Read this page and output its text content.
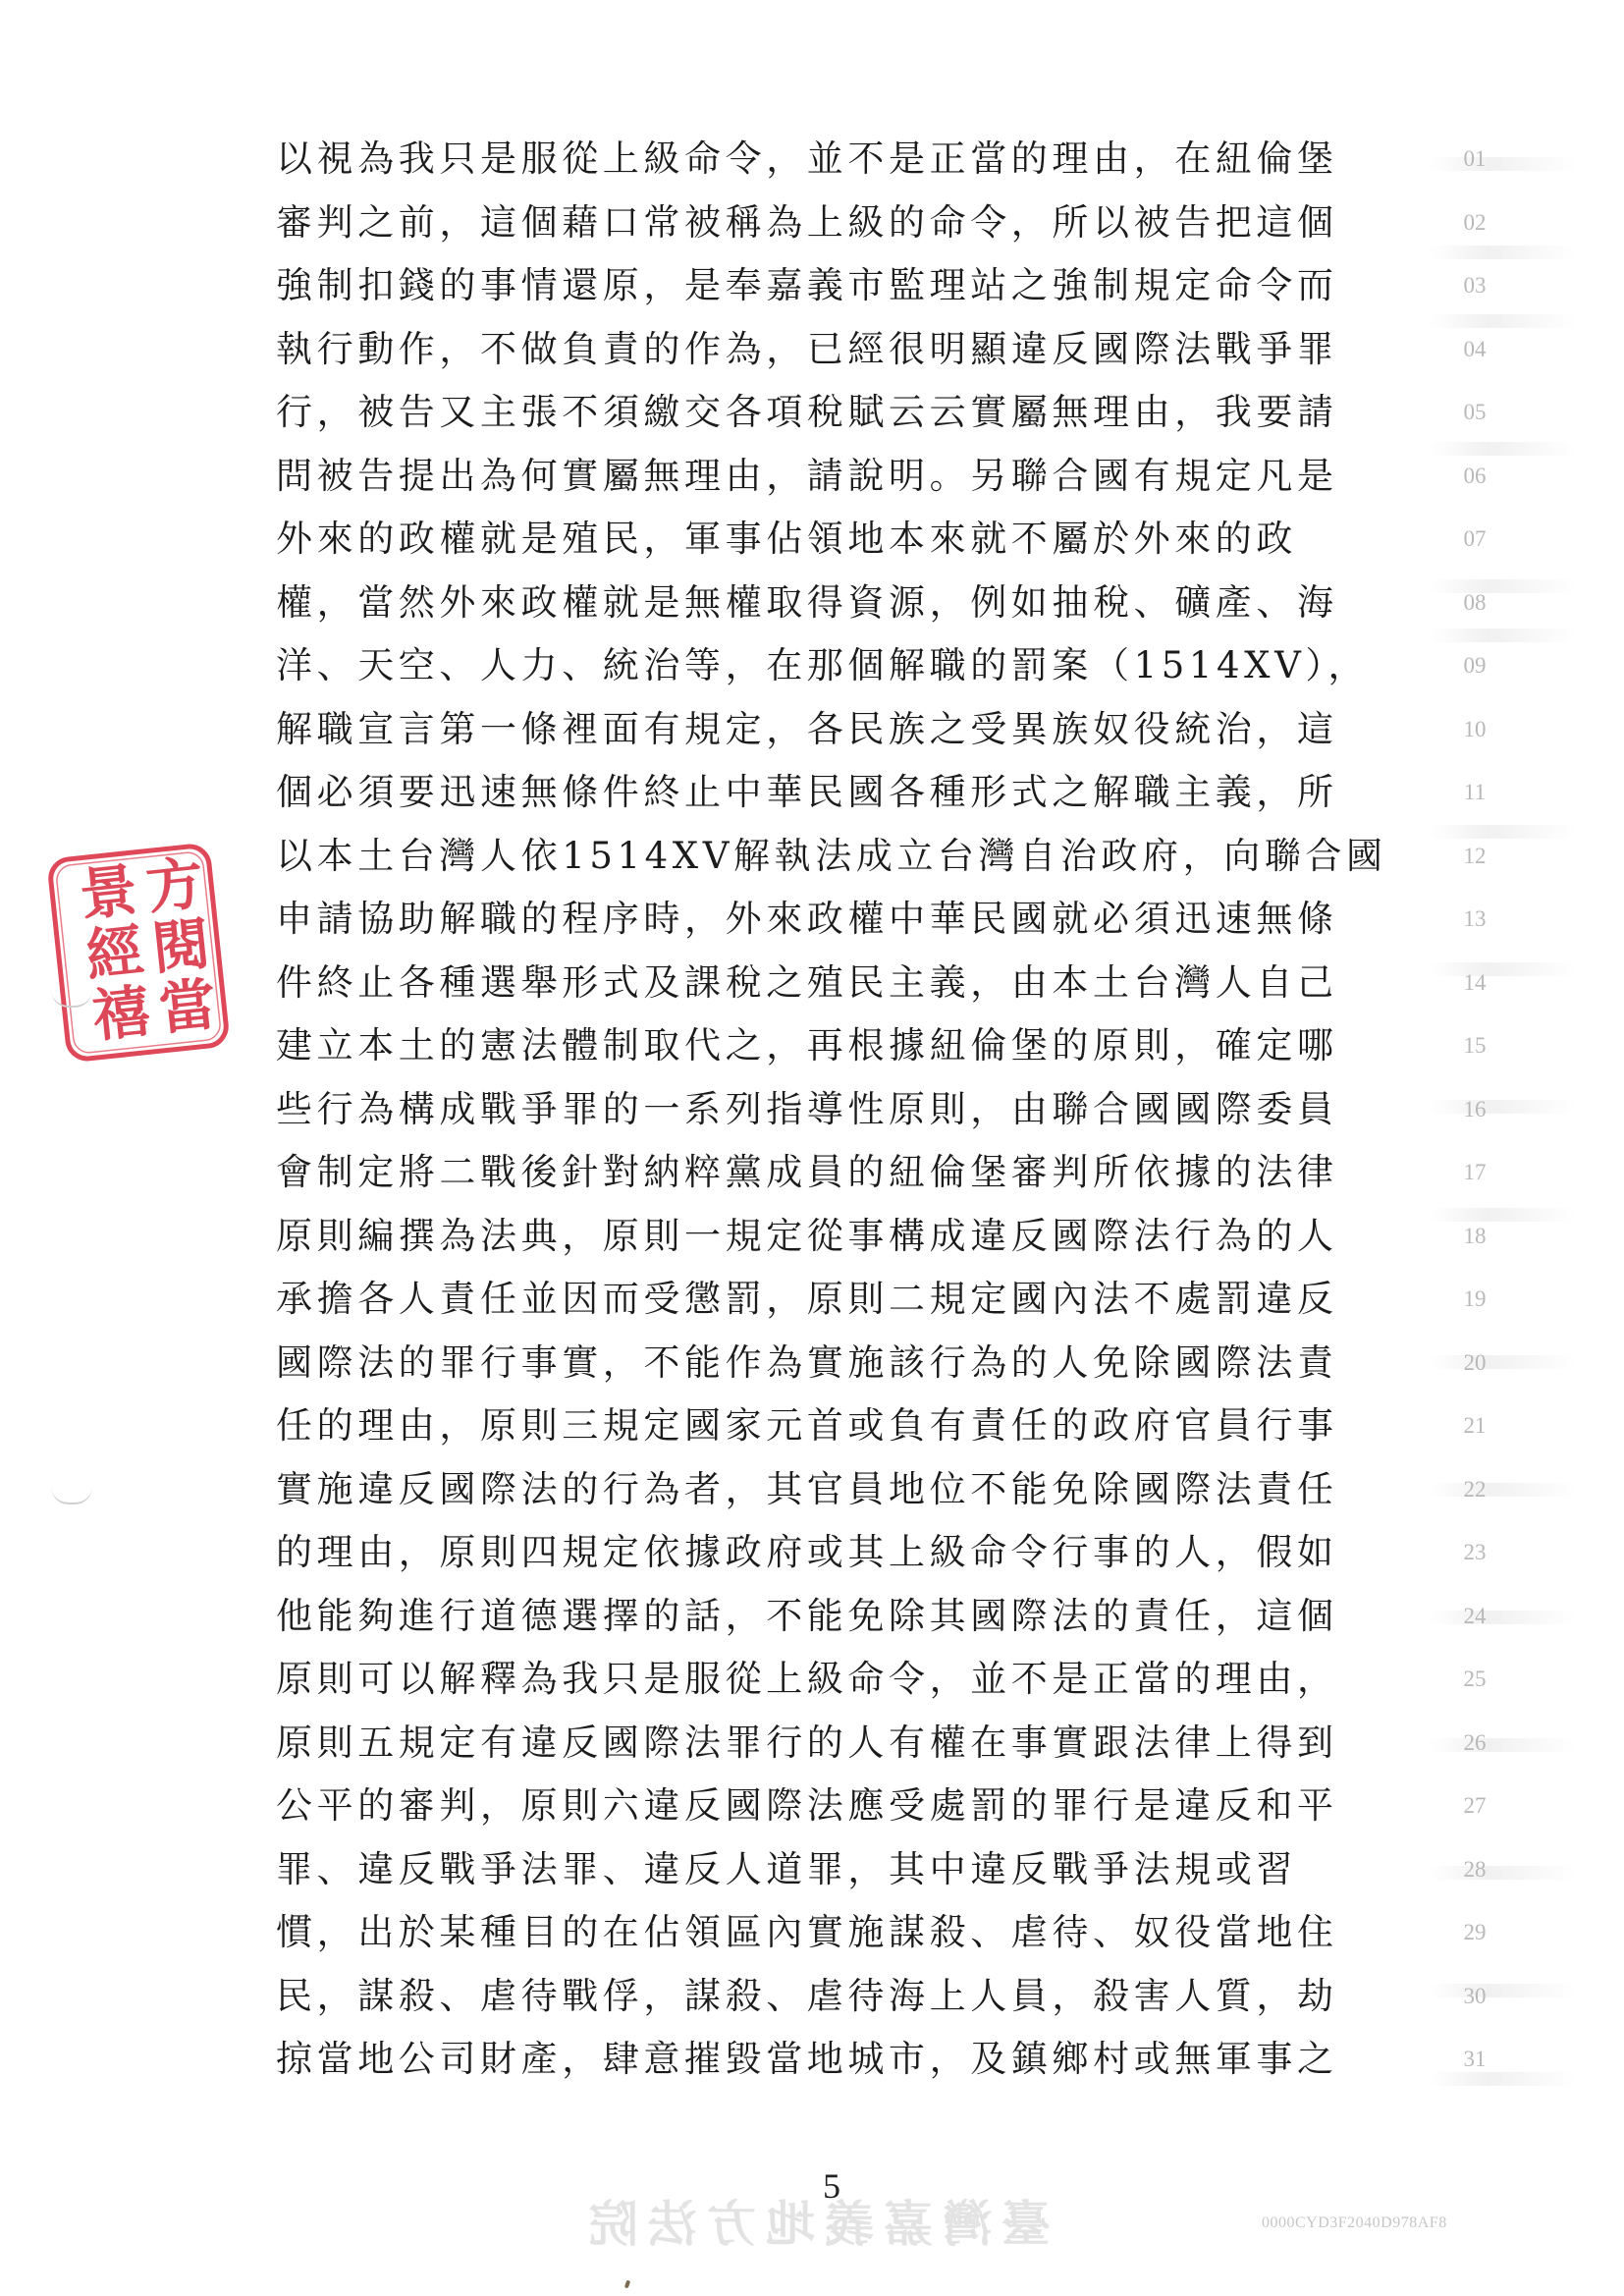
以視為我只是服從上級命令，並不是正當的理由，在紐倫堡
審判之前，這個藉口常被稱為上級的命令，所以被告把這個
強制扣錢的事情還原，是奉嘉義市監理站之強制規定命令而
執行動作，不做負責的作為，已經很明顯違反國際法戰爭罪
行，被告又主張不須繳交各項稅賦云云實屬無理由，我要請
問被告提出為何實屬無理由，請說明。另聯合國有規定凡是
外來的政權就是殖民，軍事佔領地本來就不屬於外來的政
權，當然外來政權就是無權取得資源，例如抽稅、礦產、海
洋、天空、人力、統治等，在那個解職的罰案（1514XV），
解職宣言第一條裡面有規定，各民族之受異族奴役統治，這
個必須要迅速無條件終止中華民國各種形式之解職主義，所
以本土台灣人依1514XV解執法成立台灣自治政府，向聯合國
申請協助解職的程序時，外來政權中華民國就必須迅速無條
件終止各種選舉形式及課稅之殖民主義，由本土台灣人自己
建立本土的憲法體制取代之，再根據紐倫堡的原則，確定哪
些行為構成戰爭罪的一系列指導性原則，由聯合國國際委員
會制定將二戰後針對納粹黨成員的紐倫堡審判所依據的法律
原則編撰為法典，原則一規定從事構成違反國際法行為的人
承擔各人責任並因而受懲罰，原則二規定國內法不處罰違反
國際法的罪行事實，不能作為實施該行為的人免除國際法責
任的理由，原則三規定國家元首或負有責任的政府官員行事
實施違反國際法的行為者，其官員地位不能免除國際法責任
的理由，原則四規定依據政府或其上級命令行事的人，假如
他能夠進行道德選擇的話，不能免除其國際法的責任，這個
原則可以解釋為我只是服從上級命令，並不是正當的理由，
原則五規定有違反國際法罪行的人有權在事實跟法律上得到
公平的審判，原則六違反國際法應受處罰的罪行是違反和平
罪、違反戰爭法罪、違反人道罪，其中違反戰爭法規或習
慣，出於某種目的在佔領區內實施謀殺、虐待、奴役當地住
民，謀殺、虐待戰俘，謀殺、虐待海上人員，殺害人質，劫
掠當地公司財產，肆意摧毀當地城市，及鎮鄉村或無軍事之
01
02
03
04
05
06
07
08
09
10
11
12
13
14
15
16
17
18
19
20
21
22
23
24
25
26
27
28
29
30
31
方
閱
當
景
經
禧
5
臺灣嘉義地方法院	0000CYD3F2040D978AF8
